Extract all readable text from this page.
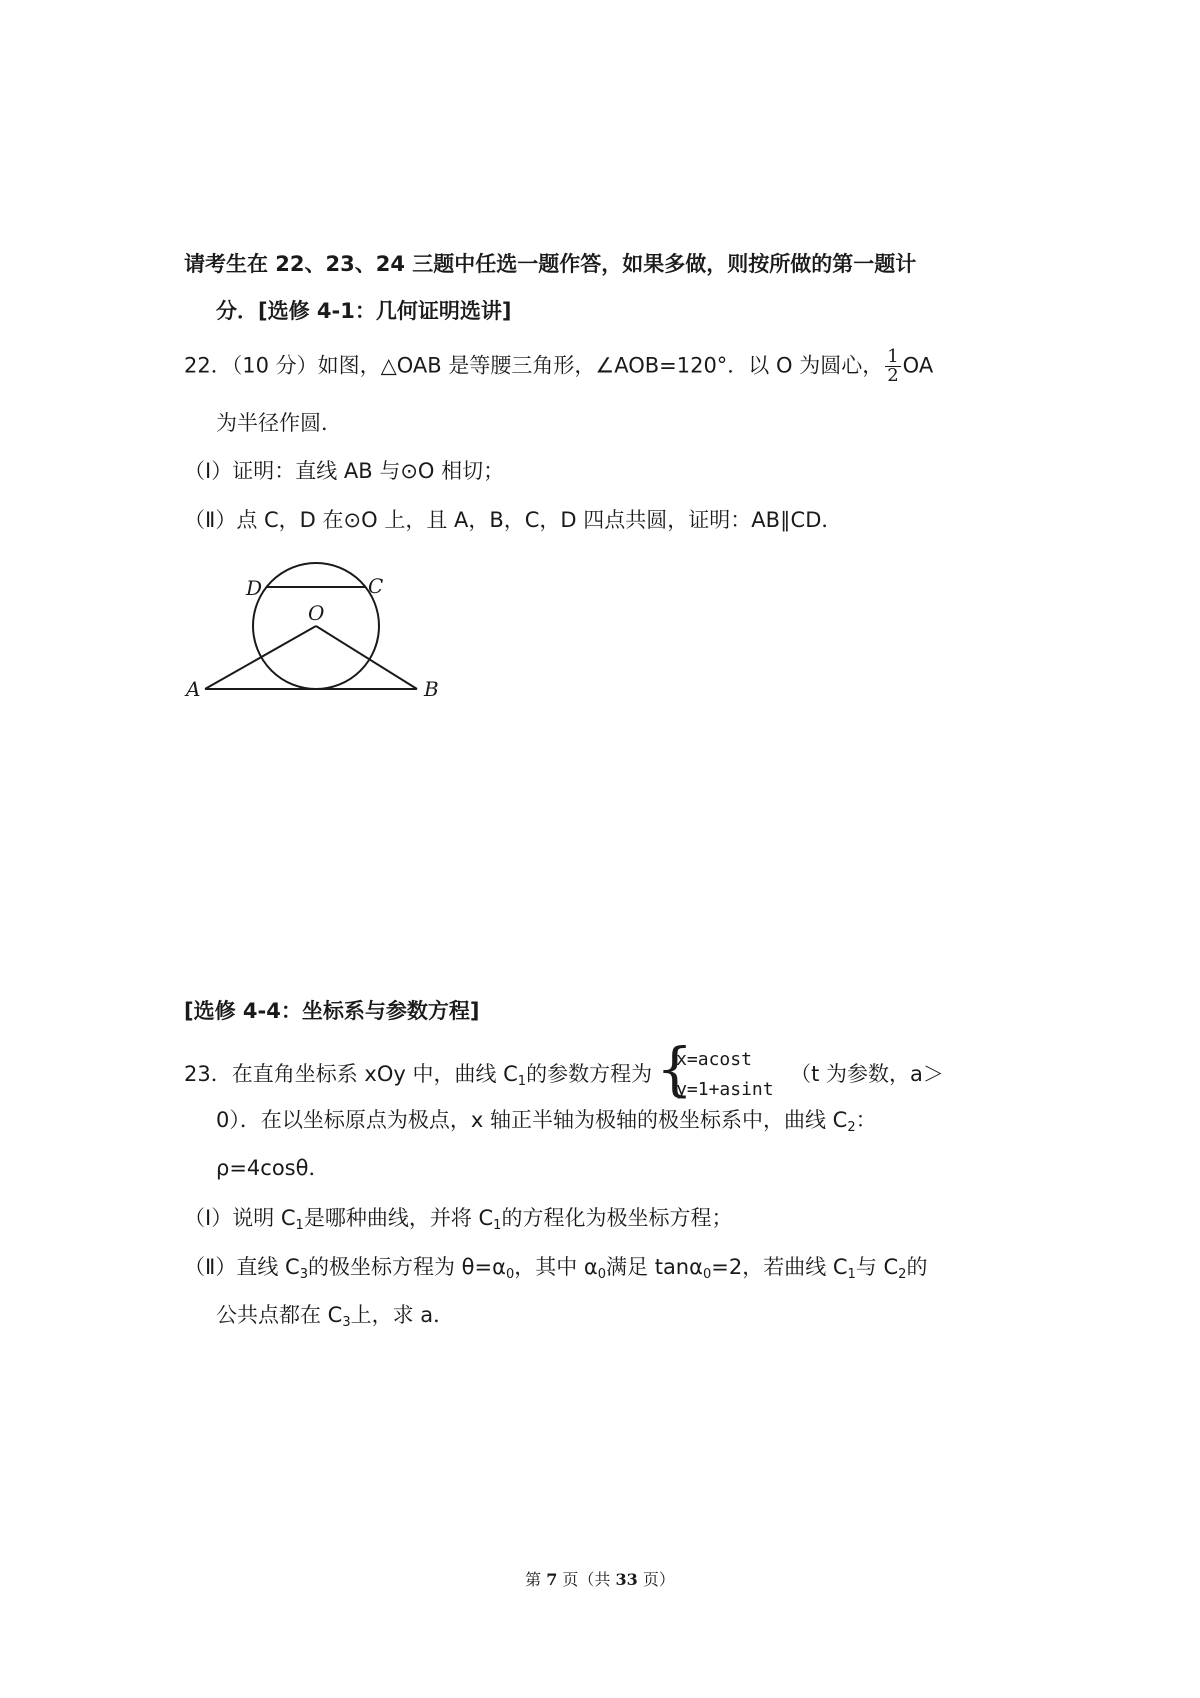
请考生在 22、23、24 三题中任选一题作答，如果多做，则按所做的第一题计
分．[选修 4-1：几何证明选讲]
22．（10 分）如图，△OAB 是等腰三角形，∠AOB=120°．以 O 为圆心， $\frac{1}{2}$ OA
为半径作圆．
（Ⅰ）证明：直线 AB 与⊙O 相切；
（Ⅱ）点 C，D 在⊙O 上，且 A，B，C，D 四点共圆，证明：AB∥CD．
D	C
O
A	B
[选修 4-4：坐标系与参数方程]
23．在直角坐标系 xOy 中，曲线 $C_1$的参数方程为 {
x=acost
y=1+asint
（t 为参数，a＞
0）．在以坐标原点为极点，x 轴正半轴为极轴的极坐标系中，曲线 $C_2$：
ρ=4cosθ．
（Ⅰ）说明 $C_1$是哪种曲线，并将 $C_1$的方程化为极坐标方程；
（Ⅱ）直线 $C_3$的极坐标方程为 $\theta=\alpha_0$，其中 $\alpha_0$满足 tanα$_0$=2，若曲线 $C_1$与 $C_2$的
公共点都在 $C_3$上，求 a．
第 7 页（共 33 页）
